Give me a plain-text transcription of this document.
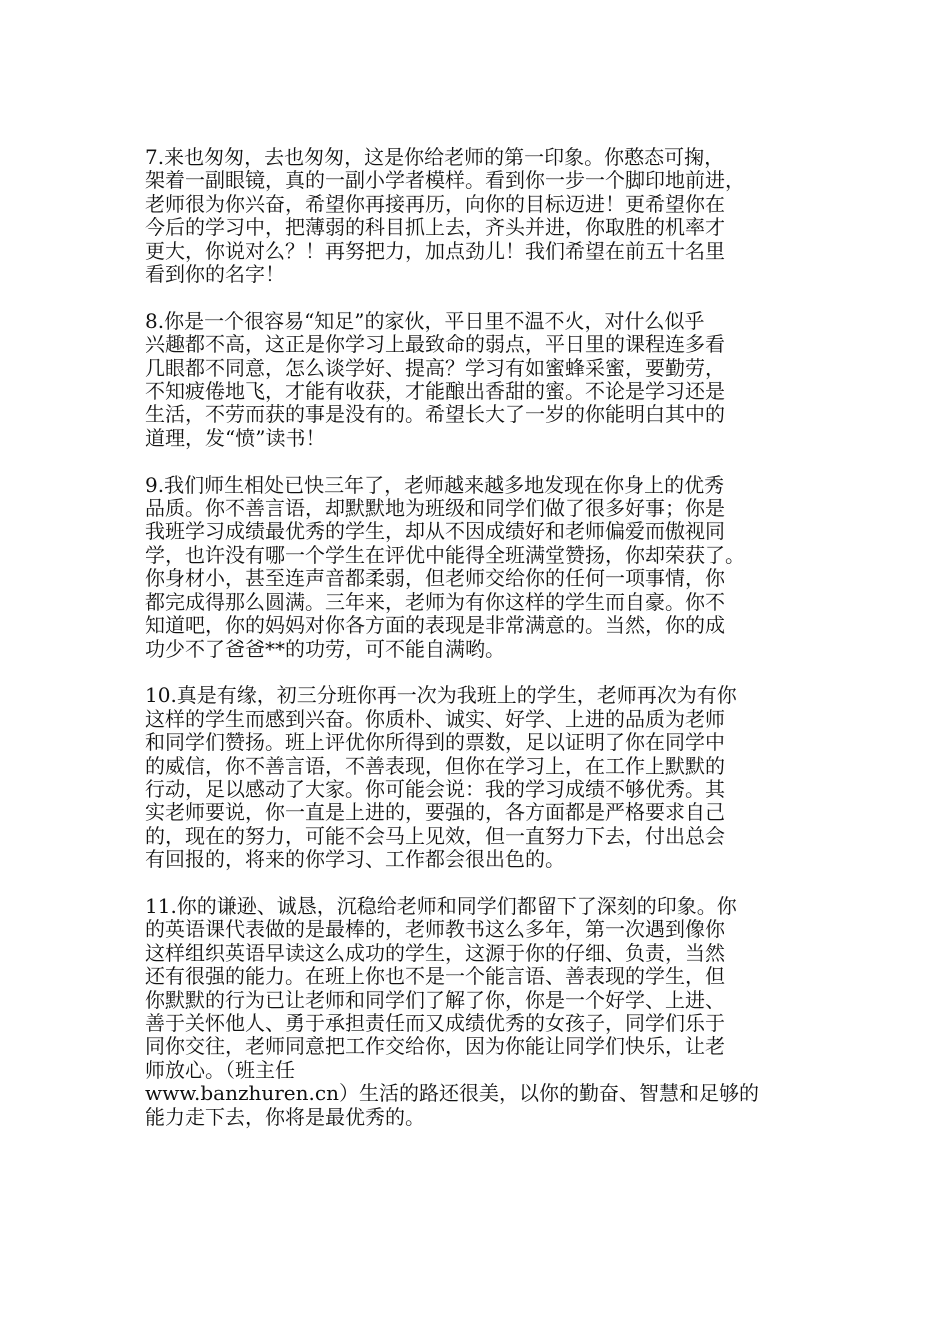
7.来也匆匆，去也匆匆，这是你给老师的第一印象。你憨态可掬，
架着一副眼镜，真的一副小学者模样。看到你一步一个脚印地前进，
老师很为你兴奋，希望你再接再历，向你的目标迈进！更希望你在
今后的学习中，把薄弱的科目抓上去，齐头并进，你取胜的机率才
更大，你说对么？！再努把力，加点劲儿！我们希望在前五十名里
看到你的名字！
8.你是一个很容易“知足”的家伙，平日里不温不火，对什么似乎
兴趣都不高，这正是你学习上最致命的弱点，平日里的课程连多看
几眼都不同意，怎么谈学好、提高？学习有如蜜蜂采蜜，要勤劳，
不知疲倦地飞，才能有收获，才能酿出香甜的蜜。不论是学习还是
生活，不劳而获的事是没有的。希望长大了一岁的你能明白其中的
道理，发“愤”读书！
9.我们师生相处已快三年了，老师越来越多地发现在你身上的优秀
品质。你不善言语，却默默地为班级和同学们做了很多好事；你是
我班学习成绩最优秀的学生，却从不因成绩好和老师偏爱而傲视同
学，也许没有哪一个学生在评优中能得全班满堂赞扬，你却荣获了。
你身材小，甚至连声音都柔弱，但老师交给你的任何一项事情，你
都完成得那么圆满。三年来，老师为有你这样的学生而自豪。你不
知道吧，你的妈妈对你各方面的表现是非常满意的。当然，你的成
功少不了爸爸**的功劳，可不能自满哟。
10.真是有缘，初三分班你再一次为我班上的学生，老师再次为有你
这样的学生而感到兴奋。你质朴、诚实、好学、上进的品质为老师
和同学们赞扬。班上评优你所得到的票数，足以证明了你在同学中
的威信，你不善言语，不善表现，但你在学习上，在工作上默默的
行动，足以感动了大家。你可能会说：我的学习成绩不够优秀。其
实老师要说，你一直是上进的，要强的，各方面都是严格要求自己
的，现在的努力，可能不会马上见效，但一直努力下去，付出总会
有回报的，将来的你学习、工作都会很出色的。
11.你的谦逊、诚恳，沉稳给老师和同学们都留下了深刻的印象。你
的英语课代表做的是最棒的，老师教书这么多年，第一次遇到像你
这样组织英语早读这么成功的学生，这源于你的仔细、负责，当然
还有很强的能力。在班上你也不是一个能言语、善表现的学生，但
你默默的行为已让老师和同学们了解了你，你是一个好学、上进、
善于关怀他人、勇于承担责任而又成绩优秀的女孩子，同学们乐于
同你交往，老师同意把工作交给你，因为你能让同学们快乐，让老
师放心。（班主任
www.banzhuren.cn）生活的路还很美，以你的勤奋、智慧和足够的
能力走下去，你将是最优秀的。
